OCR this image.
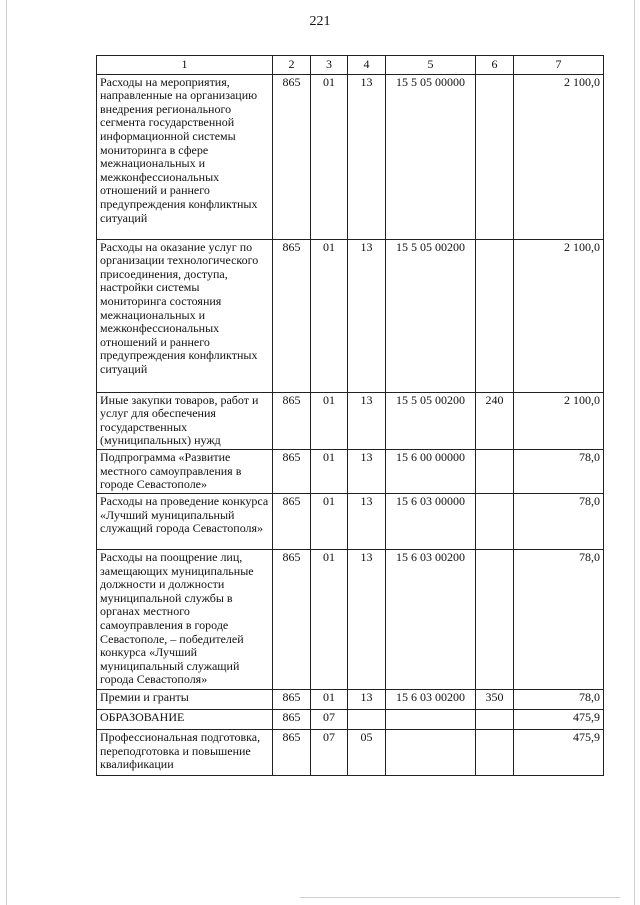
221
1	2	3	4	5	6	7
Расходы на мероприятия, направленные на организацию внедрения регионального сегмента государственной информационной системы мониторинга в сфере межнациональных и межконфессиональных отношений и раннего предупреждения конфликтных ситуаций	865	01	13	15 5 05 00000		2 100,0
Расходы на оказание услуг по организации технологического присоединения, доступа, настройки системы мониторинга состояния межнациональных и межконфессиональных отношений и раннего предупреждения конфликтных ситуаций	865	01	13	15 5 05 00200		2 100,0
Иные закупки товаров, работ и услуг для обеспечения государственных (муниципальных) нужд	865	01	13	15 5 05 00200	240	2 100,0
Подпрограмма «Развитие местного самоуправления в городе Севастополе»	865	01	13	15 6 00 00000		78,0
Расходы на проведение конкурса «Лучший муниципальный служащий города Севастополя»	865	01	13	15 6 03 00000		78,0
Расходы на поощрение лиц, замещающих муниципальные должности и должности муниципальной службы в органах местного самоуправления в городе Севастополе, – победителей конкурса «Лучший муниципальный служащий города Севастополя»	865	01	13	15 6 03 00200		78,0
Премии и гранты	865	01	13	15 6 03 00200	350	78,0
ОБРАЗОВАНИЕ	865	07				475,9
Профессиональная подготовка, переподготовка и повышение квалификации	865	07	05			475,9
